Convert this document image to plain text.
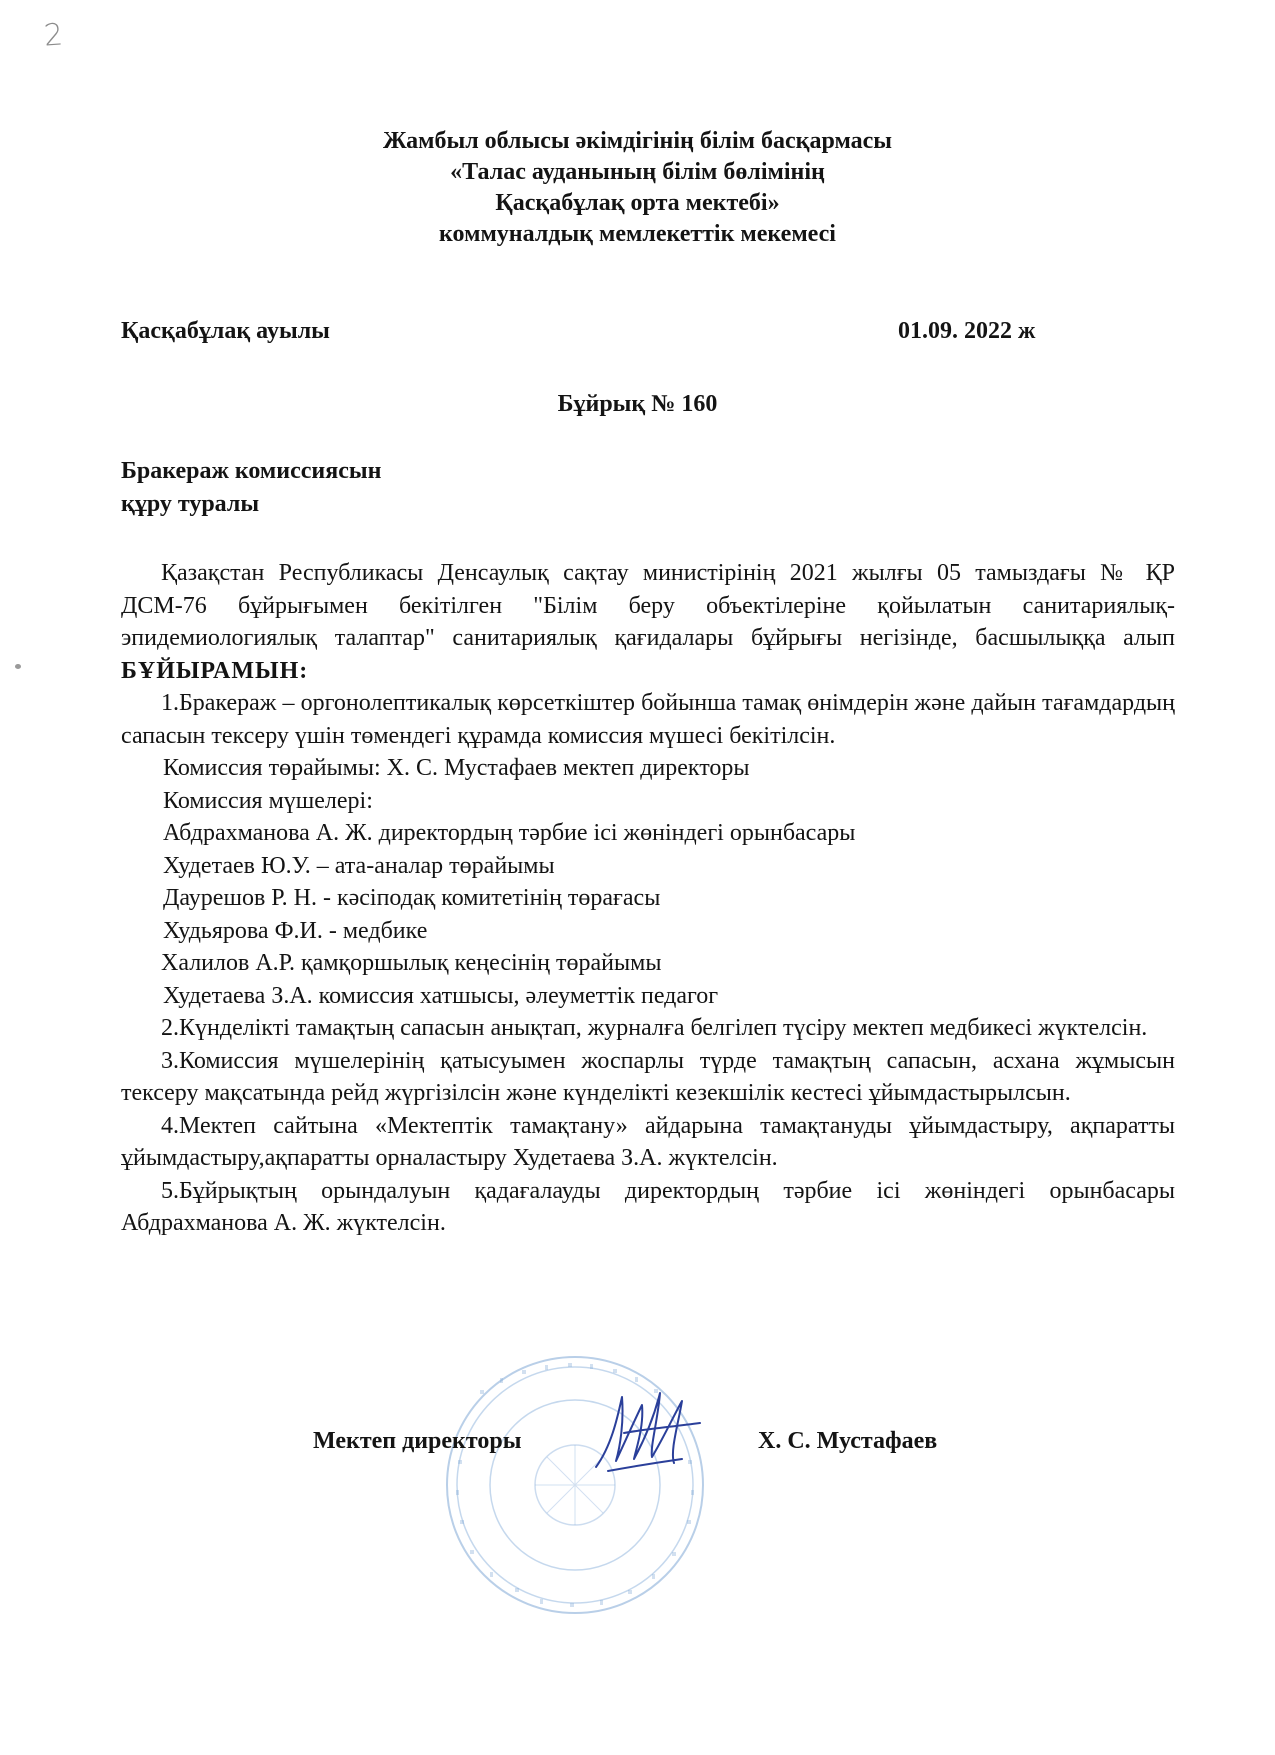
2
Жамбыл облысы әкімдігінің білім басқармасы
«Талас ауданының білім бөлімінің
Қасқабұлақ орта мектебі»
коммуналдық мемлекеттік мекемесі
Қасқабұлақ ауылы	01.09. 2022 ж
Бұйрық № 160
Бракераж комиссиясын
құру туралы

Қазақстан Республикасы Денсаулық сақтау министірінің 2021 жылғы 05 тамыздағы № ҚР ДСМ-76 бұйрығымен бекітілген "Білім беру объектілеріне қойылатын санитариялық-эпидемиологиялық талаптар" санитариялық қағидалары бұйрығы негізінде, басшылыққа алып БҰЙЫРАМЫН:

1.Бракераж – оргонолептикалық көрсеткіштер бойынша тамақ өнімдерін және дайын тағамдардың сапасын тексеру үшін төмендегі құрамда комиссия мүшесі бекітілсін.

Комиссия төрайымы: Х. С. Мустафаев мектеп директоры
Комиссия мүшелері:
Абдрахманова А. Ж. директордың тәрбие ісі жөніндегі орынбасары
Худетаев Ю.У. – ата-аналар төрайымы
Даурешов Р. Н. - кәсіподақ комитетінің төрағасы
Худьярова Ф.И. - медбике
Халилов А.Р. қамқоршылық кеңесінің төрайымы
Худетаева З.А. комиссия хатшысы, әлеуметтік педагог

2.Күнделікті тамақтың сапасын анықтап, журналға белгілеп түсіру мектеп медбикесі жүктелсін.

3.Комиссия мүшелерінің қатысуымен жоспарлы түрде тамақтың сапасын, асхана жұмысын тексеру мақсатында рейд жүргізілсін және күнделікті кезекшілік кестесі ұйымдастырылсын.

4.Мектеп сайтына «Мектептік тамақтану» айдарына тамақтануды ұйымдастыру, ақпаратты ұйымдастыру,ақпаратты орналастыру Худетаева З.А. жүктелсін.

5.Бұйрықтың орындалуын қадағалауды директордың тәрбие ісі жөніндегі орынбасары Абдрахманова А. Ж. жүктелсін.

Мектеп директоры	Х. С. Мустафаев
